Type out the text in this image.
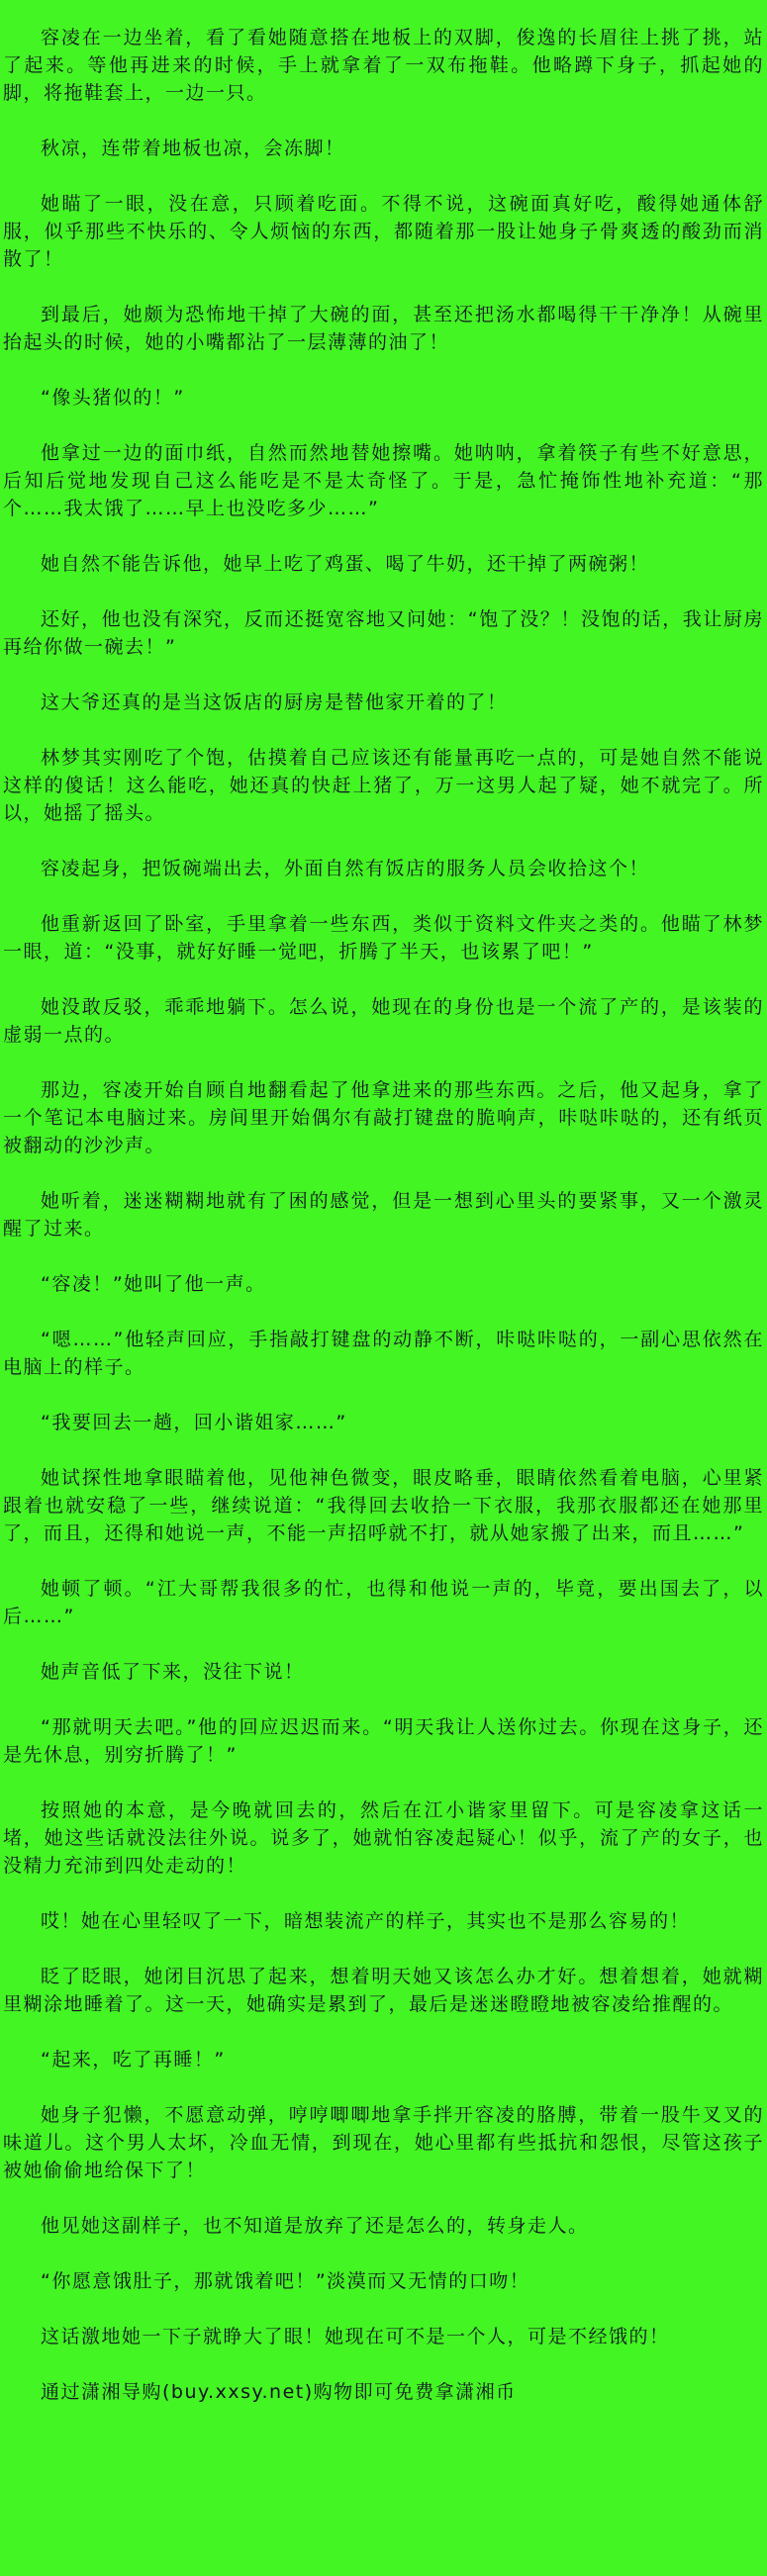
容凌在一边坐着，看了看她随意搭在地板上的双脚，俊逸的长眉往上挑了挑，站了起来。等他再进来的时候，手上就拿着了一双布拖鞋。他略蹲下身子，抓起她的脚，将拖鞋套上，一边一只。

秋凉，连带着地板也凉，会冻脚！

她瞄了一眼，没在意，只顾着吃面。不得不说，这碗面真好吃，酸得她通体舒服，似乎那些不快乐的、令人烦恼的东西，都随着那一股让她身子骨爽透的酸劲而消散了！

到最后，她颇为恐怖地干掉了大碗的面，甚至还把汤水都喝得干干净净！从碗里抬起头的时候，她的小嘴都沾了一层薄薄的油了！

“像头猪似的！”

他拿过一边的面巾纸，自然而然地替她擦嘴。她呐呐，拿着筷子有些不好意思，后知后觉地发现自己这么能吃是不是太奇怪了。于是，急忙掩饰性地补充道：“那个……我太饿了……早上也没吃多少……”

她自然不能告诉他，她早上吃了鸡蛋、喝了牛奶，还干掉了两碗粥！

还好，他也没有深究，反而还挺宽容地又问她：“饱了没？！没饱的话，我让厨房再给你做一碗去！”

这大爷还真的是当这饭店的厨房是替他家开着的了！

林梦其实刚吃了个饱，估摸着自己应该还有能量再吃一点的，可是她自然不能说这样的傻话！这么能吃，她还真的快赶上猪了，万一这男人起了疑，她不就完了。所以，她摇了摇头。

容凌起身，把饭碗端出去，外面自然有饭店的服务人员会收拾这个！

他重新返回了卧室，手里拿着一些东西，类似于资料文件夹之类的。他瞄了林梦一眼，道：“没事，就好好睡一觉吧，折腾了半天，也该累了吧！”

她没敢反驳，乖乖地躺下。怎么说，她现在的身份也是一个流了产的，是该装的虚弱一点的。

那边，容凌开始自顾自地翻看起了他拿进来的那些东西。之后，他又起身，拿了一个笔记本电脑过来。房间里开始偶尔有敲打键盘的脆响声，咔哒咔哒的，还有纸页被翻动的沙沙声。

她听着，迷迷糊糊地就有了困的感觉，但是一想到心里头的要紧事，又一个激灵醒了过来。

“容凌！”她叫了他一声。

“嗯……”他轻声回应，手指敲打键盘的动静不断，咔哒咔哒的，一副心思依然在电脑上的样子。

“我要回去一趟，回小谐姐家……”

她试探性地拿眼瞄着他，见他神色微变，眼皮略垂，眼睛依然看着电脑，心里紧跟着也就安稳了一些，继续说道：“我得回去收拾一下衣服，我那衣服都还在她那里了，而且，还得和她说一声，不能一声招呼就不打，就从她家搬了出来，而且……”

她顿了顿。“江大哥帮我很多的忙，也得和他说一声的，毕竟，要出国去了，以后……”

她声音低了下来，没往下说！

“那就明天去吧。”他的回应迟迟而来。“明天我让人送你过去。你现在这身子，还是先休息，别穷折腾了！”

按照她的本意，是今晚就回去的，然后在江小谐家里留下。可是容凌拿这话一堵，她这些话就没法往外说。说多了，她就怕容凌起疑心！似乎，流了产的女子，也没精力充沛到四处走动的！

哎！她在心里轻叹了一下，暗想装流产的样子，其实也不是那么容易的！

眨了眨眼，她闭目沉思了起来，想着明天她又该怎么办才好。想着想着，她就糊里糊涂地睡着了。这一天，她确实是累到了，最后是迷迷瞪瞪地被容凌给推醒的。

“起来，吃了再睡！”

她身子犯懒，不愿意动弹，哼哼唧唧地拿手拌开容凌的胳膊，带着一股牛叉叉的味道儿。这个男人太坏，冷血无情，到现在，她心里都有些抵抗和怨恨，尽管这孩子被她偷偷地给保下了！

他见她这副样子，也不知道是放弃了还是怎么的，转身走人。

“你愿意饿肚子，那就饿着吧！”淡漠而又无情的口吻！

这话激地她一下子就睁大了眼！她现在可不是一个人，可是不经饿的！

通过潇湘导购(buy.xxsy.net)购物即可免费拿潇湘币
